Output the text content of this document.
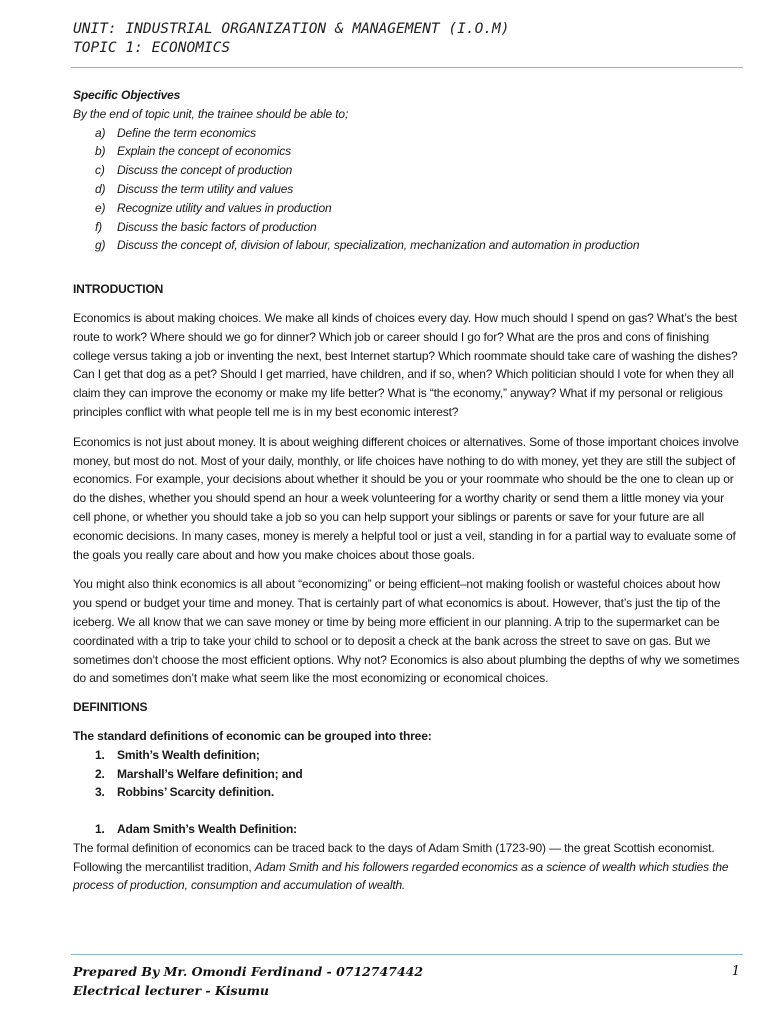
UNIT: INDUSTRIAL ORGANIZATION & MANAGEMENT (I.O.M)
TOPIC 1: ECONOMICS

Specific Objectives

By the end of topic unit, the trainee should be able to;

a) Define the term economics
b) Explain the concept of economics
c) Discuss the concept of production
d) Discuss the term utility and values
e) Recognize utility and values in production
f) Discuss the basic factors of production
g) Discuss the concept of, division of labour, specialization, mechanization and automation in production

INTRODUCTION

Economics is about making choices. We make all kinds of choices every day. How much should I spend on gas? What’s the best route to work? Where should we go for dinner? Which job or career should I go for? What are the pros and cons of finishing college versus taking a job or inventing the next, best Internet startup? Which roommate should take care of washing the dishes? Can I get that dog as a pet? Should I get married, have children, and if so, when? Which politician should I vote for when they all claim they can improve the economy or make my life better? What is “the economy,” anyway? What if my personal or religious principles conflict with what people tell me is in my best economic interest?

Economics is not just about money. It is about weighing different choices or alternatives. Some of those important choices involve money, but most do not. Most of your daily, monthly, or life choices have nothing to do with money, yet they are still the subject of economics. For example, your decisions about whether it should be you or your roommate who should be the one to clean up or do the dishes, whether you should spend an hour a week volunteering for a worthy charity or send them a little money via your cell phone, or whether you should take a job so you can help support your siblings or parents or save for your future are all economic decisions. In many cases, money is merely a helpful tool or just a veil, standing in for a partial way to evaluate some of the goals you really care about and how you make choices about those goals.

You might also think economics is all about “economizing” or being efficient–not making foolish or wasteful choices about how you spend or budget your time and money. That is certainly part of what economics is about. However, that’s just the tip of the iceberg. We all know that we can save money or time by being more efficient in our planning. A trip to the supermarket can be coordinated with a trip to take your child to school or to deposit a check at the bank across the street to save on gas. But we sometimes don’t choose the most efficient options. Why not? Economics is also about plumbing the depths of why we sometimes do and sometimes don’t make what seem like the most economizing or economical choices.

DEFINITIONS

The standard definitions of economic can be grouped into three:

1. Smith’s Wealth definition;
2. Marshall’s Welfare definition; and
3. Robbins’ Scarcity definition.

1. Adam Smith’s Wealth Definition:

The formal definition of economics can be traced back to the days of Adam Smith (1723-90) — the great Scottish economist. Following the mercantilist tradition, Adam Smith and his followers regarded economics as a science of wealth which studies the process of production, consumption and accumulation of wealth.

Prepared By Mr. Omondi Ferdinand - 0712747442
Electrical lecturer - Kisumu
1
